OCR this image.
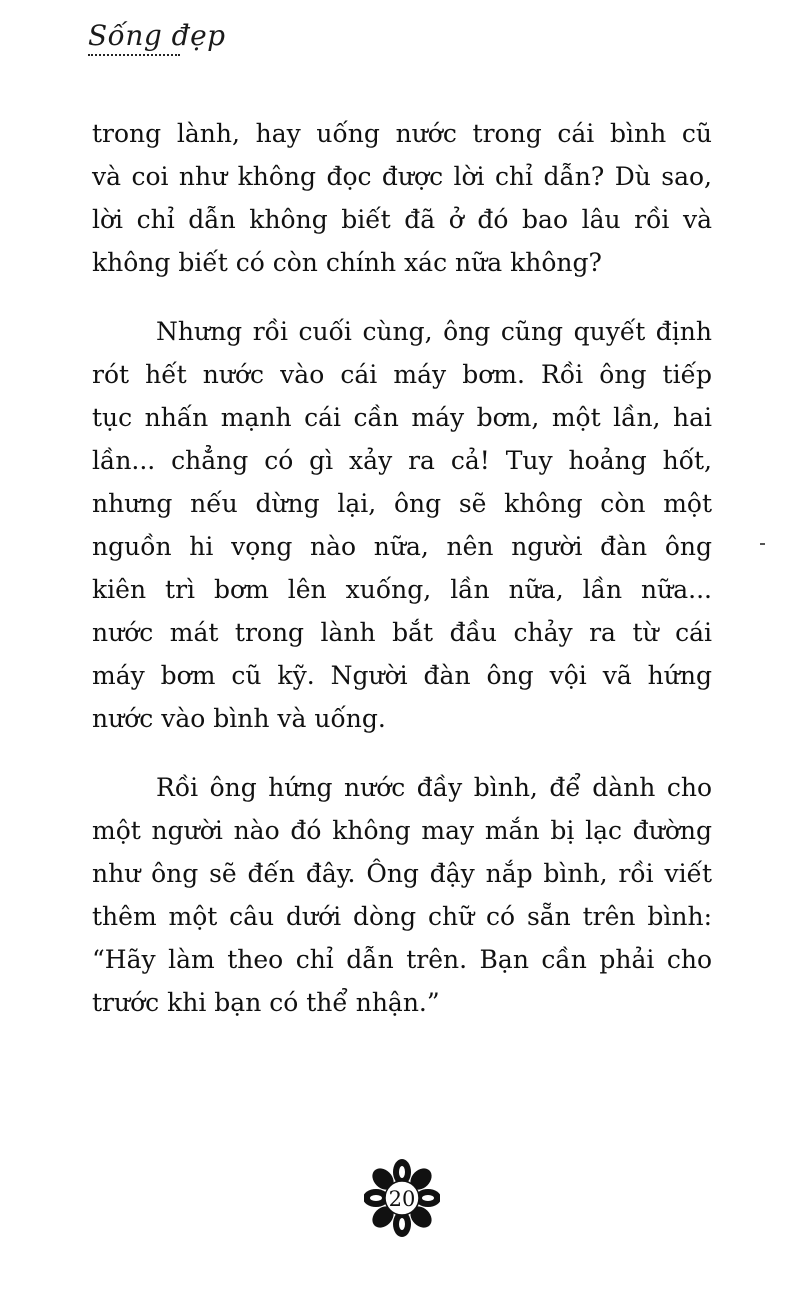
Sống đẹp
trong lành, hay uống nước trong cái bình cũ
và coi như không đọc được lời chỉ dẫn? Dù sao,
lời chỉ dẫn không biết đã ở đó bao lâu rồi và
không biết có còn chính xác nữa không?
Nhưng rồi cuối cùng, ông cũng quyết định
rót hết nước vào cái máy bơm. Rồi ông tiếp
tục nhấn mạnh cái cần máy bơm, một lần, hai
lần... chẳng có gì xảy ra cả! Tuy hoảng hốt,
nhưng nếu dừng lại, ông sẽ không còn một
nguồn hi vọng nào nữa, nên người đàn ông
kiên trì bơm lên xuống, lần nữa, lần nữa...
nước mát trong lành bắt đầu chảy ra từ cái
máy bơm cũ kỹ. Người đàn ông vội vã hứng
nước vào bình và uống.
Rồi ông hứng nước đầy bình, để dành cho
một người nào đó không may mắn bị lạc đường
như ông sẽ đến đây. Ông đậy nắp bình, rồi viết
thêm một câu dưới dòng chữ có sẵn trên bình:
“Hãy làm theo chỉ dẫn trên. Bạn cần phải cho
trước khi bạn có thể nhận.”
20
